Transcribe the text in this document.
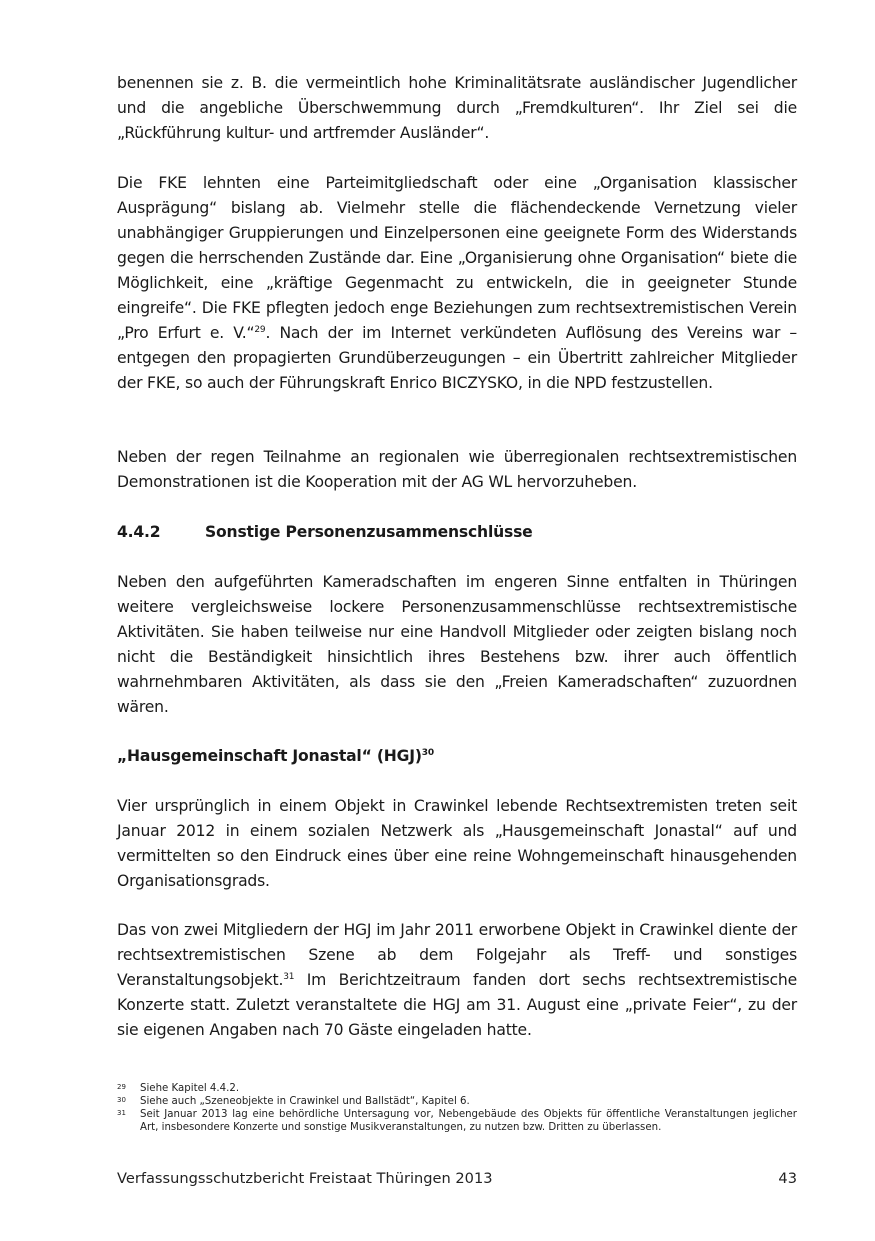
benennen sie z. B. die vermeintlich hohe Kriminalitätsrate ausländischer Jugendlicher und die angebliche Überschwemmung durch „Fremdkulturen“. Ihr Ziel sei die „Rückführung kultur- und artfremder Ausländer“.

Die FKE lehnten eine Parteimitgliedschaft oder eine „Organisation klassischer Ausprägung“ bislang ab. Vielmehr stelle die flächendeckende Vernetzung vieler unabhängiger Gruppierungen und Einzelpersonen eine geeignete Form des Widerstands gegen die herrschenden Zustände dar. Eine „Organisierung ohne Organisation“ biete die Möglichkeit, eine „kräftige Gegenmacht zu entwickeln, die in geeigneter Stunde eingreife“. Die FKE pflegten jedoch enge Beziehungen zum rechtsextremistischen Verein „Pro Erfurt e. V.“$^{29}$. Nach der im Internet verkündeten Auflösung des Vereins war – entgegen den propagierten Grundüberzeugungen – ein Übertritt zahlreicher Mitglieder der FKE, so auch der Führungskraft Enrico BICZYSKO, in die NPD festzustellen.

Neben der regen Teilnahme an regionalen wie überregionalen rechtsextremistischen Demonstrationen ist die Kooperation mit der AG WL hervorzuheben.

4.4.2	Sonstige Personenzusammenschlüsse

Neben den aufgeführten Kameradschaften im engeren Sinne entfalten in Thüringen weitere vergleichsweise lockere Personenzusammenschlüsse rechtsextremistische Aktivitäten. Sie haben teilweise nur eine Handvoll Mitglieder oder zeigten bislang noch nicht die Beständigkeit hinsichtlich ihres Bestehens bzw. ihrer auch öffentlich wahrnehmbaren Aktivitäten, als dass sie den „Freien Kameradschaften“ zuzuordnen wären.

„Hausgemeinschaft Jonastal“ (HGJ)$^{30}$

Vier ursprünglich in einem Objekt in Crawinkel lebende Rechtsextremisten treten seit Januar 2012 in einem sozialen Netzwerk als „Hausgemeinschaft Jonastal“ auf und vermittelten so den Eindruck eines über eine reine Wohngemeinschaft hinausgehenden Organisationsgrads.

Das von zwei Mitgliedern der HGJ im Jahr 2011 erworbene Objekt in Crawinkel diente der rechtsextremistischen Szene ab dem Folgejahr als Treff- und sonstiges Veranstaltungsobjekt.$^{31}$ Im Berichtzeitraum fanden dort sechs rechtsextremistische Konzerte statt. Zuletzt veranstaltete die HGJ am 31. August eine „private Feier“, zu der sie eigenen Angaben nach 70 Gäste eingeladen hatte.

29	Siehe Kapitel 4.4.2.
30	Siehe auch „Szeneobjekte in Crawinkel und Ballstädt“, Kapitel 6.
31	Seit Januar 2013 lag eine behördliche Untersagung vor, Nebengebäude des Objekts für öffentliche Veranstaltungen jeglicher Art, insbesondere Konzerte und sonstige Musikveranstaltungen, zu nutzen bzw. Dritten zu überlassen.
Verfassungsschutzbericht Freistaat Thüringen 2013	43
